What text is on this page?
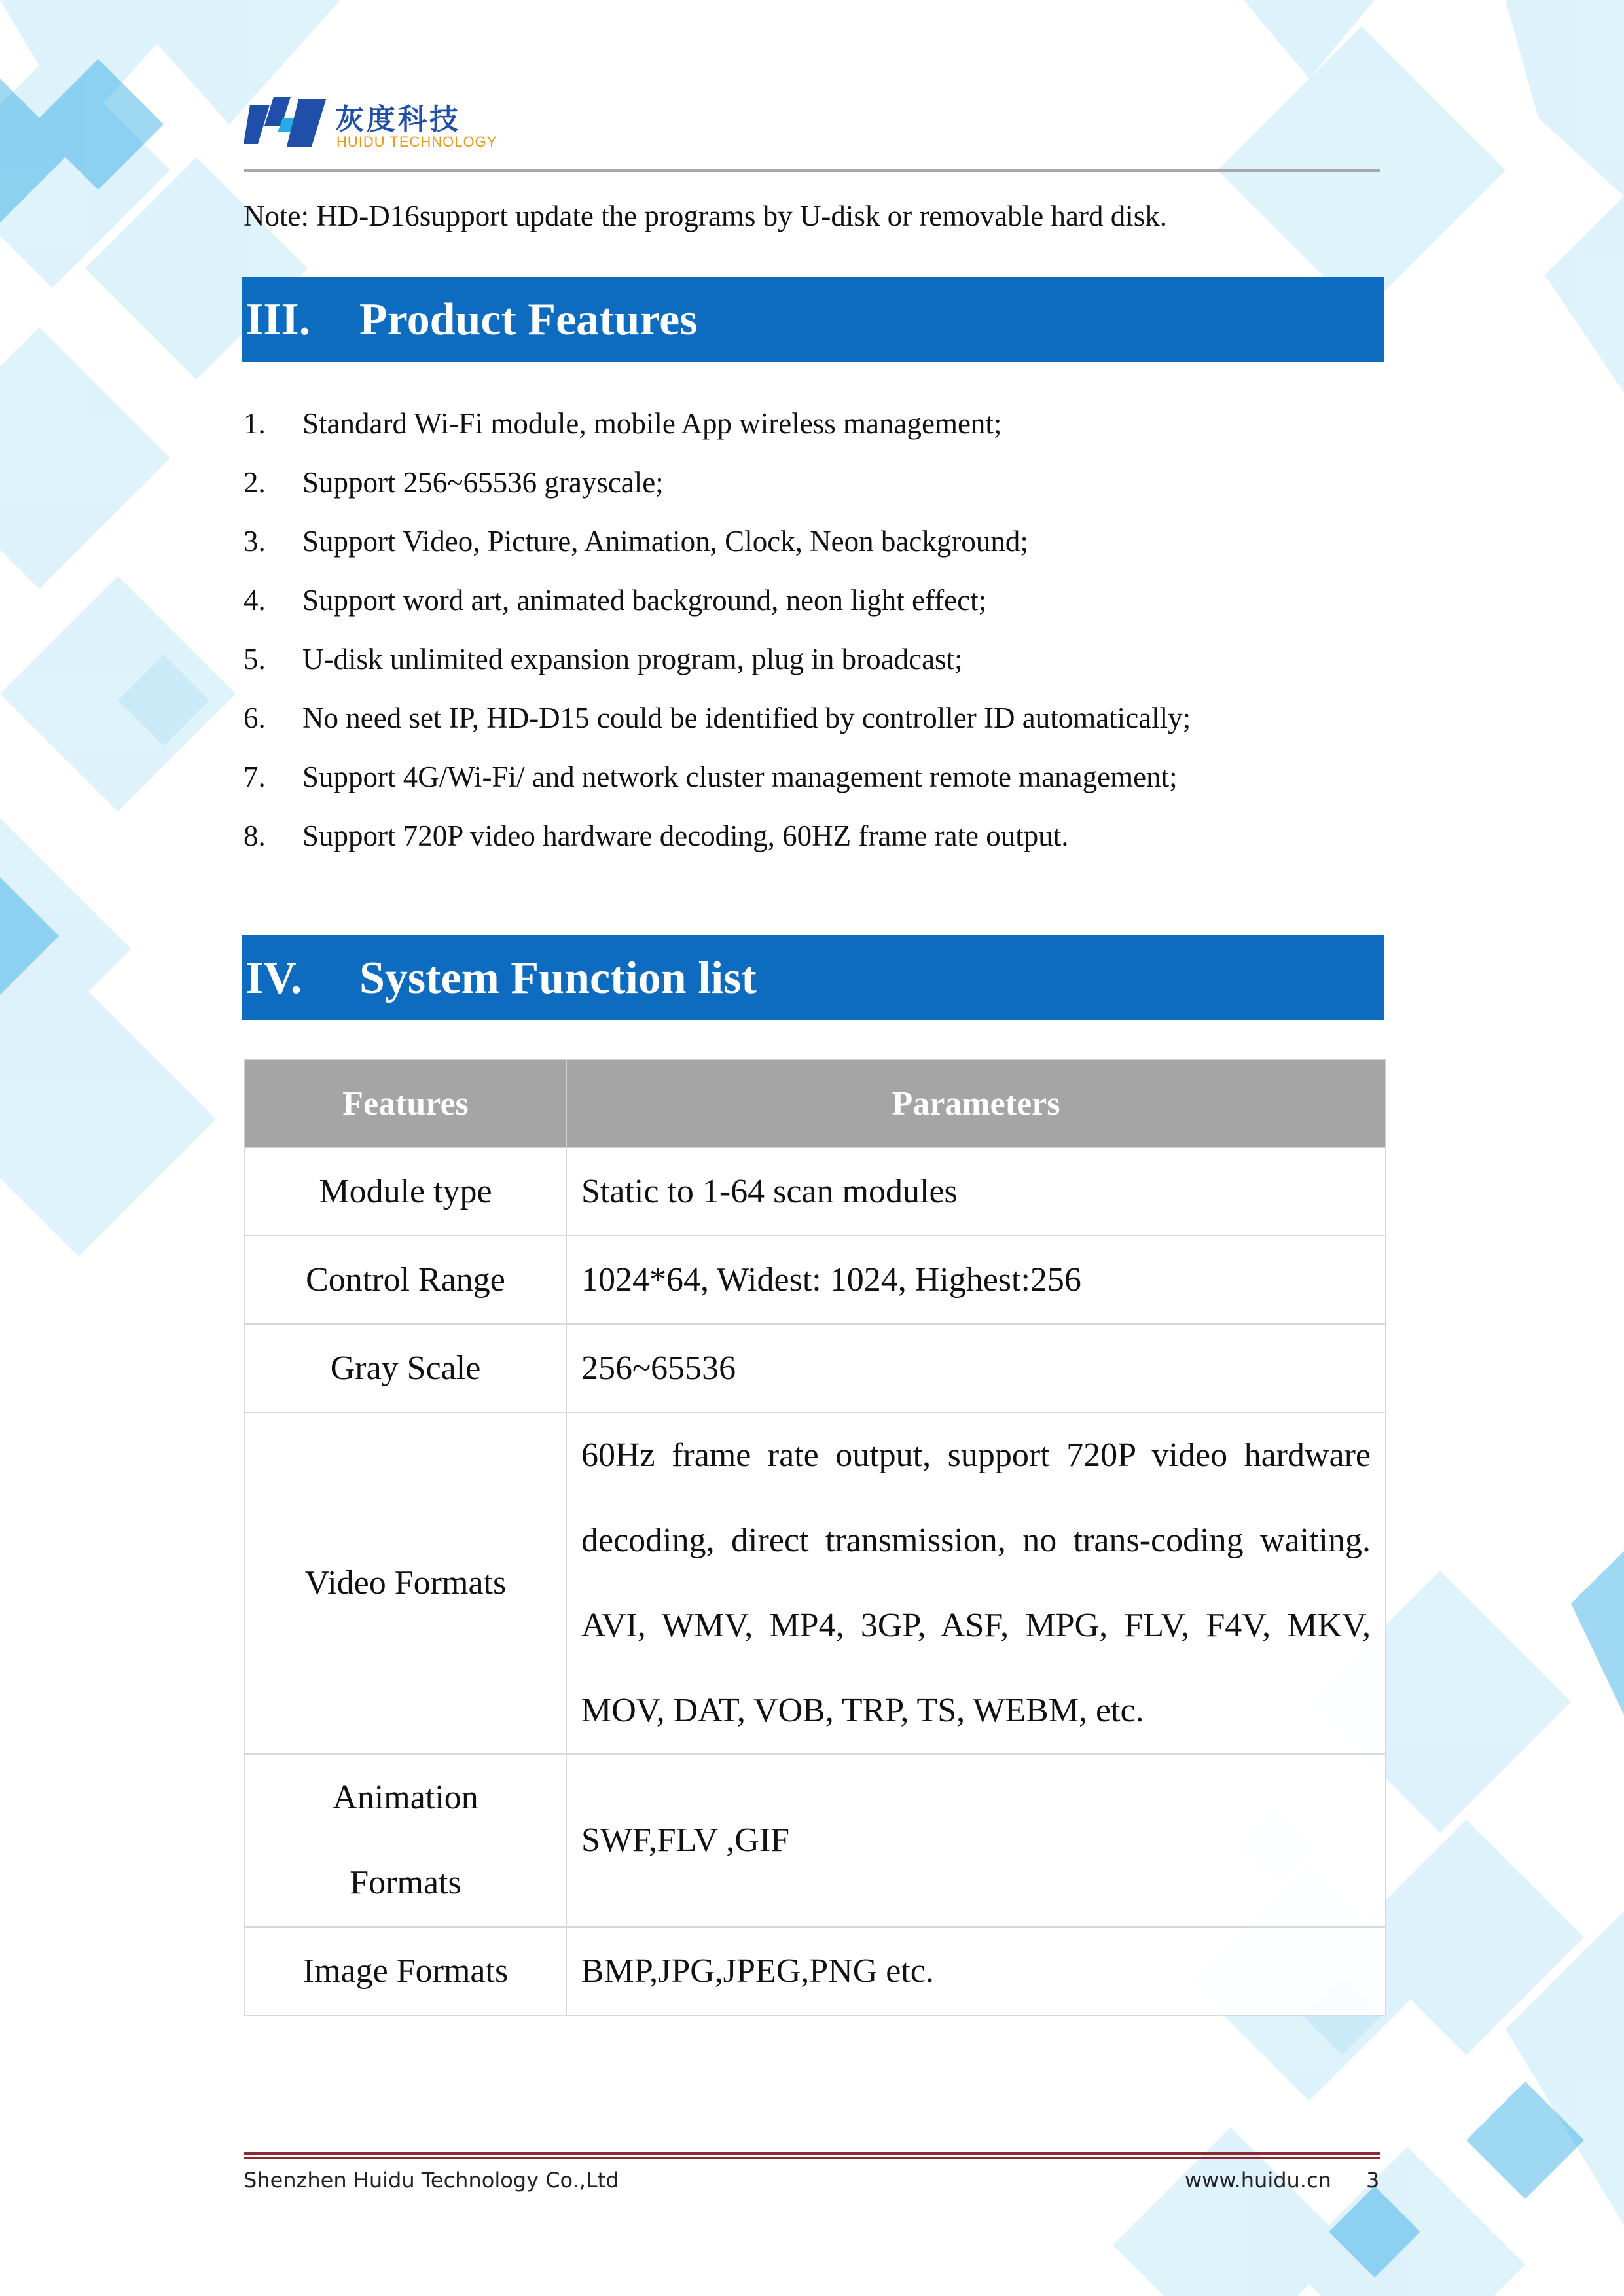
灰度科技
HUIDU TECHNOLOGY
Note: HD-D16support update the programs by U-disk or removable hard disk.
III. Product Features
1. Standard Wi-Fi module, mobile App wireless management;
2. Support 256~65536 grayscale;
3. Support Video, Picture, Animation, Clock, Neon background;
4. Support word art, animated background, neon light effect;
5. U-disk unlimited expansion program, plug in broadcast;
6. No need set IP, HD-D15 could be identified by controller ID automatically;
7. Support 4G/Wi-Fi/ and network cluster management remote management;
8. Support 720P video hardware decoding, 60HZ frame rate output.
IV. System Function list
Features	Parameters
Module type	Static to 1-64 scan modules
Control Range	1024*64, Widest: 1024, Highest:256
Gray Scale	256~65536
Video Formats	60Hz frame rate output, support 720P video hardware decoding, direct transmission, no trans-coding waiting. AVI, WMV, MP4, 3GP, ASF, MPG, FLV, F4V, MKV, MOV, DAT, VOB, TRP, TS, WEBM, etc.

Animation Formats	SWF,FLV ,GIF
Image Formats	BMP,JPG,JPEG,PNG etc.
Shenzhen Huidu Technology Co.,Ltd	www.huidu.cn 3
